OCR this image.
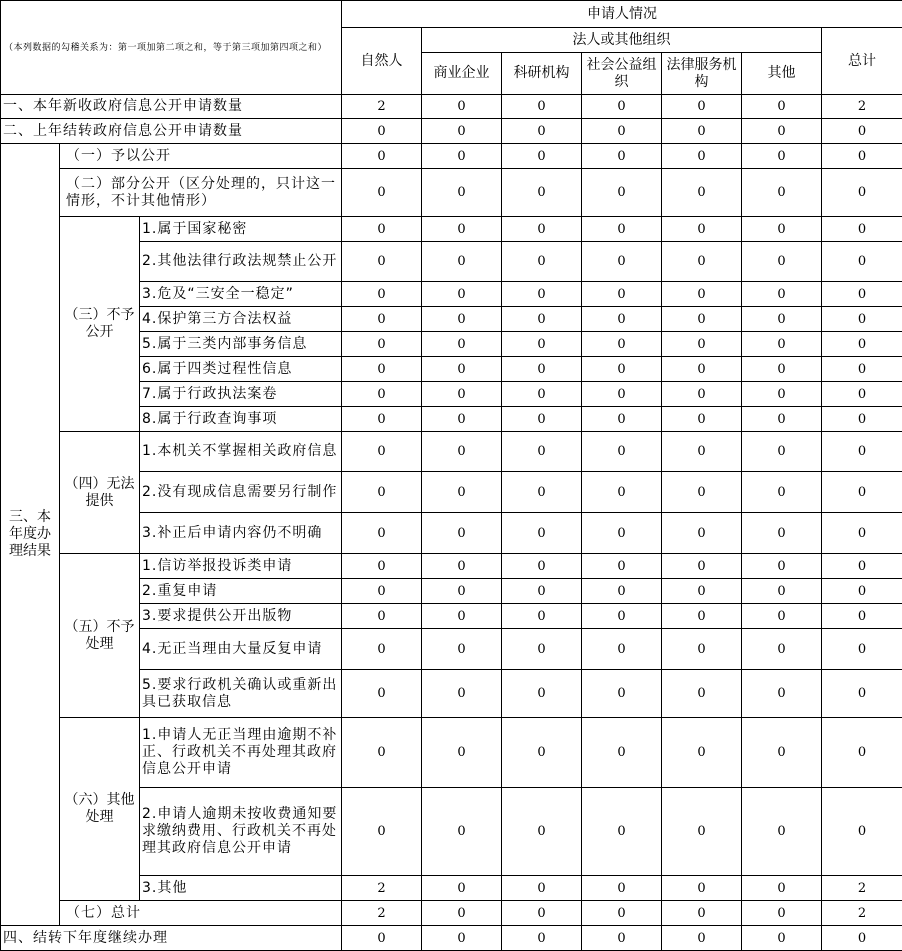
（本列数据的勾稽关系为：第一项加第二项之和，等于第三项加第四项之和）			申请人情况						
			自然人	法人或其他组织					总计
				商业企业	科研机构	社会公益组织	法律服务机构	其他	
一、本年新收政府信息公开申请数量			2	0	0	0	0	0	2
二、上年结转政府信息公开申请数量			0	0	0	0	0	0	0
三、本年度办理结果	（一）予以公开		0	0	0	0	0	0	0
	（二）部分公开（区分处理的，只计这一情形，不计其他情形）		0	0	0	0	0	0	0
	（三）不予公开	1.属于国家秘密	0	0	0	0	0	0	0
		2.其他法律行政法规禁止公开	0	0	0	0	0	0	0
		3.危及“三安全一稳定”	0	0	0	0	0	0	0
		4.保护第三方合法权益	0	0	0	0	0	0	0
		5.属于三类内部事务信息	0	0	0	0	0	0	0
		6.属于四类过程性信息	0	0	0	0	0	0	0
		7.属于行政执法案卷	0	0	0	0	0	0	0
		8.属于行政查询事项	0	0	0	0	0	0	0
	（四）无法提供	1.本机关不掌握相关政府信息	0	0	0	0	0	0	0
		2.没有现成信息需要另行制作	0	0	0	0	0	0	0
		3.补正后申请内容仍不明确	0	0	0	0	0	0	0
	（五）不予处理	1.信访举报投诉类申请	0	0	0	0	0	0	0
		2.重复申请	0	0	0	0	0	0	0
		3.要求提供公开出版物	0	0	0	0	0	0	0
		4.无正当理由大量反复申请	0	0	0	0	0	0	0
		5.要求行政机关确认或重新出具已获取信息	0	0	0	0	0	0	0
	（六）其他处理	1.申请人无正当理由逾期不补正、行政机关不再处理其政府信息公开申请	0	0	0	0	0	0	0
		2.申请人逾期未按收费通知要求缴纳费用、行政机关不再处理其政府信息公开申请	0	0	0	0	0	0	0
		3.其他	2	0	0	0	0	0	2
	（七）总计		2	0	0	0	0	0	2
四、结转下年度继续办理			0	0	0	0	0	0	0
